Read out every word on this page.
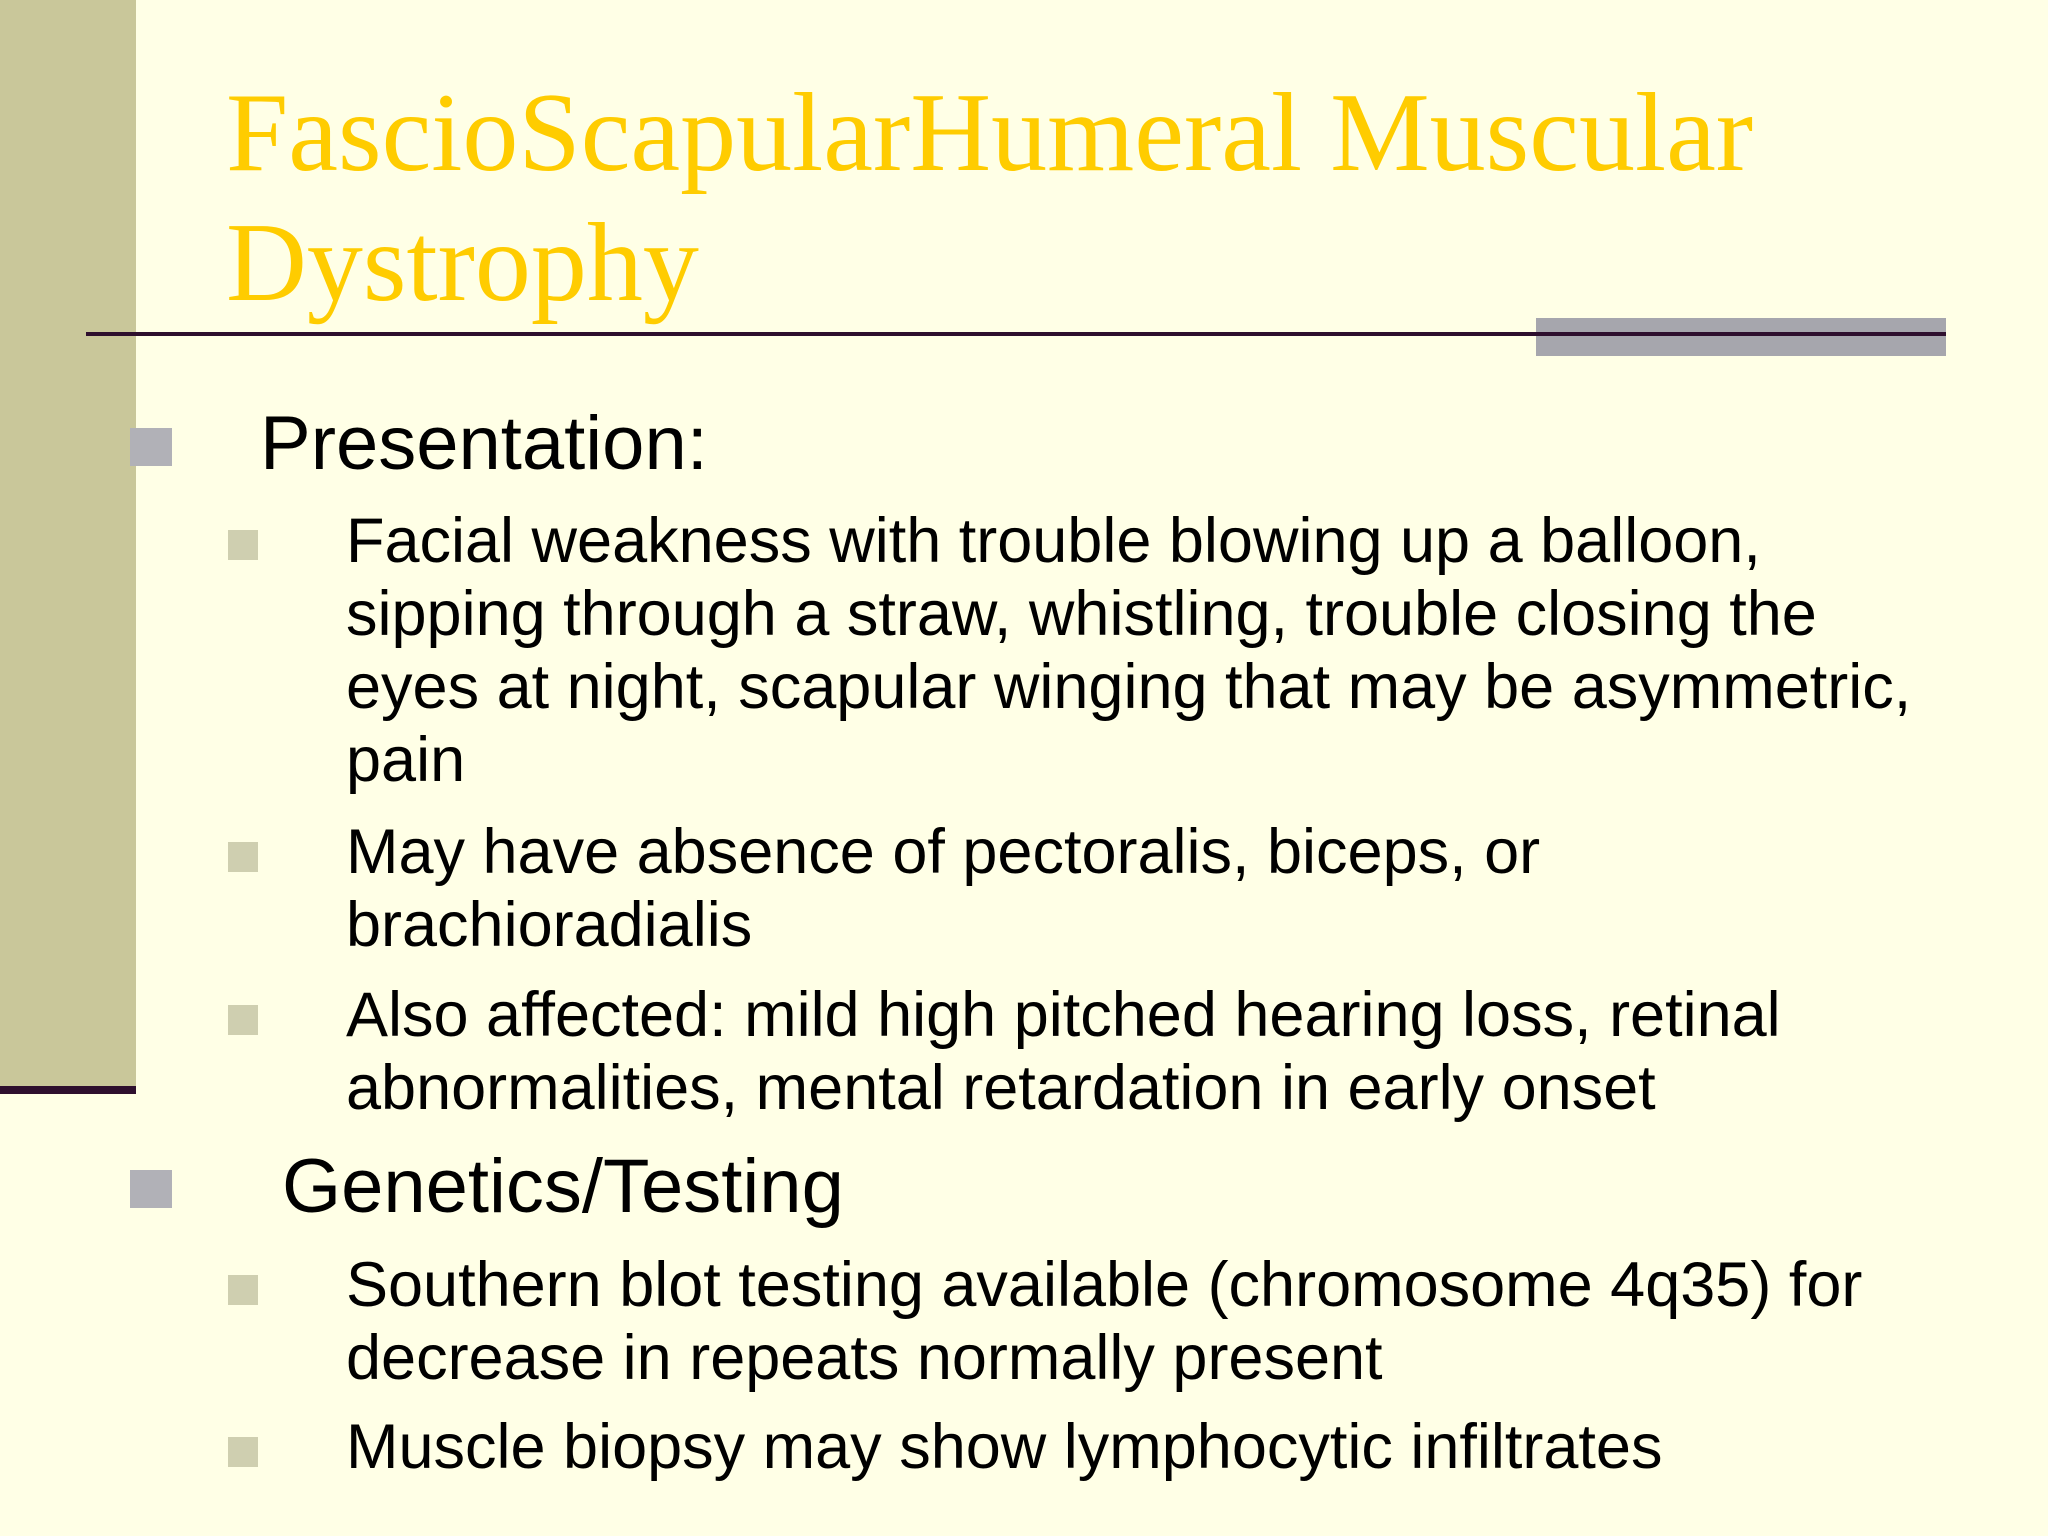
FascioScapularHumeral Muscular Dystrophy

Presentation:

Facial weakness with trouble blowing up a balloon, sipping through a straw, whistling, trouble closing the eyes at night, scapular winging that may be asymmetric, pain

May have absence of pectoralis, biceps, or brachioradialis

Also affected: mild high pitched hearing loss, retinal abnormalities, mental retardation in early onset

Genetics/Testing

Southern blot testing available (chromosome 4q35) for decrease in repeats normally present

Muscle biopsy may show lymphocytic infiltrates
